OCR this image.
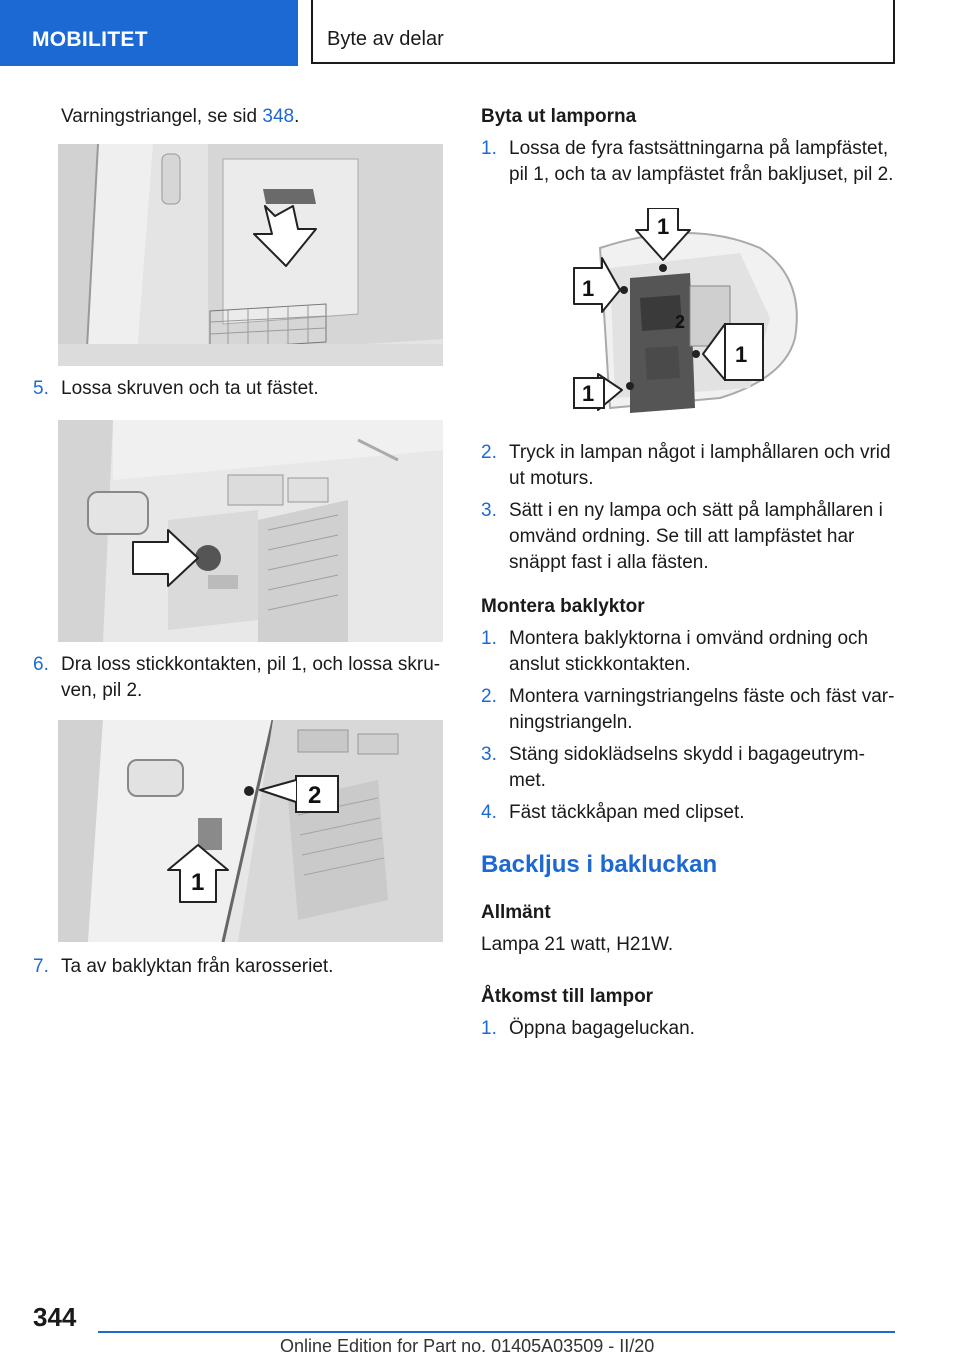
MOBILITET	Byte av delar

Varningstriangel, se sid 348.

5. Lossa skruven och ta ut fästet.
6. Dra loss stickkontakten, pil 1, och lossa skru‐
ven, pil 2.
2
1
7. Ta av baklyktan från karosseriet.
Byta ut lamporna
1. Lossa de fyra fastsättningarna på lampfästet,
pil 1, och ta av lampfästet från bakljuset, pil 2.
1
1
1
1
2
2. Tryck in lampan något i lamphållaren och vrid
ut moturs.
3. Sätt i en ny lampa och sätt på lamphållaren i
omvänd ordning. Se till att lampfästet har
snäppt fast i alla fästen.
Montera baklyktor
1. Montera baklyktorna i omvänd ordning och
anslut stickkontakten.
2. Montera varningstriangelns fäste och fäst var‐
ningstriangeln.
3. Stäng sidoklädselns skydd i bagageutrym‐
met.
4. Fäst täckkåpan med clipset.
Backljus i bakluckan
Allmänt
Lampa 21 watt, H21W.
Åtkomst till lampor
1. Öppna bagageluckan.
344
Online Edition for Part no. 01405A03509 - II/20
